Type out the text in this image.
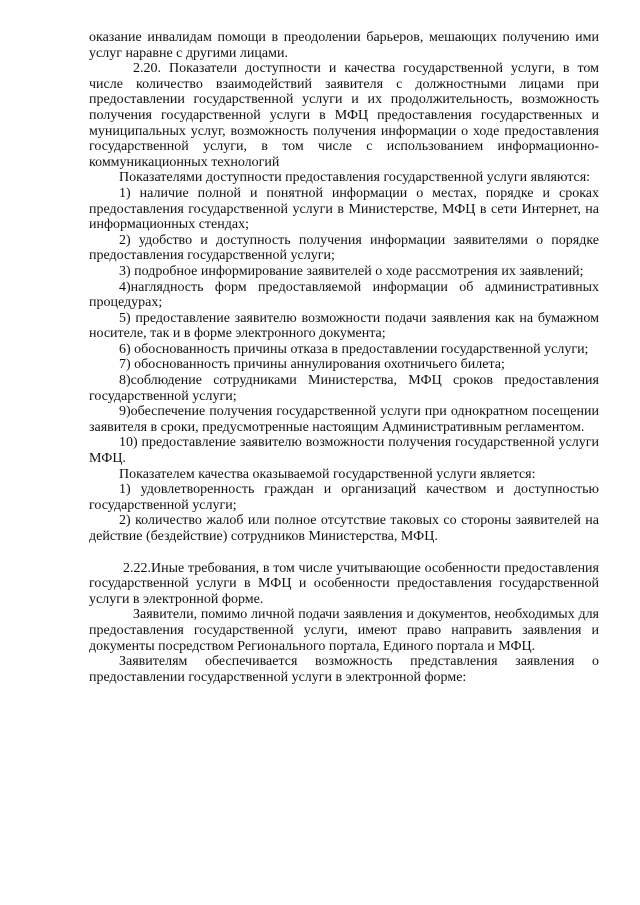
оказание инвалидам помощи в преодолении барьеров, мешающих получению ими услуг наравне с другими лицами.

2.20. Показатели доступности и качества государственной услуги, в том числе количество взаимодействий заявителя с должностными лицами при предоставлении государственной услуги и их продолжительность, возможность получения государственной услуги в МФЦ предоставления государственных и муниципальных услуг, возможность получения информации о ходе предоставления государственной услуги, в том числе с использованием информационно-коммуникационных технологий

Показателями доступности предоставления государственной услуги являются:

1) наличие полной и понятной информации о местах, порядке и сроках предоставления государственной услуги в Министерстве, МФЦ в сети Интернет, на информационных стендах;

2) удобство и доступность получения информации заявителями о порядке предоставления государственной услуги;

3) подробное информирование заявителей о ходе рассмотрения их заявлений;

4)наглядность форм предоставляемой информации об административных процедурах;

5) предоставление заявителю возможности подачи заявления как на бумажном носителе, так и в форме электронного документа;

6) обоснованность причины отказа в предоставлении государственной услуги;

7) обоснованность причины аннулирования охотничьего билета;

8)соблюдение сотрудниками Министерства, МФЦ сроков предоставления государственной услуги;

9)обеспечение получения государственной услуги при однократном посещении заявителя в сроки, предусмотренные настоящим Административным регламентом.

10) предоставление заявителю возможности получения государственной услуги МФЦ.

Показателем качества оказываемой государственной услуги является:

1) удовлетворенность граждан и организаций качеством и доступностью государственной услуги;

2) количество жалоб или полное отсутствие таковых со стороны заявителей на действие (бездействие) сотрудников Министерства, МФЦ.

2.22.Иные требования, в том числе учитывающие особенности предоставления государственной услуги в МФЦ и особенности предоставления государственной услуги в электронной форме.

Заявители, помимо личной подачи заявления и документов, необходимых для предоставления государственной услуги, имеют право направить заявления и документы посредством Регионального портала, Единого портала и МФЦ.

Заявителям обеспечивается возможность представления заявления о предоставлении государственной услуги в электронной форме:
